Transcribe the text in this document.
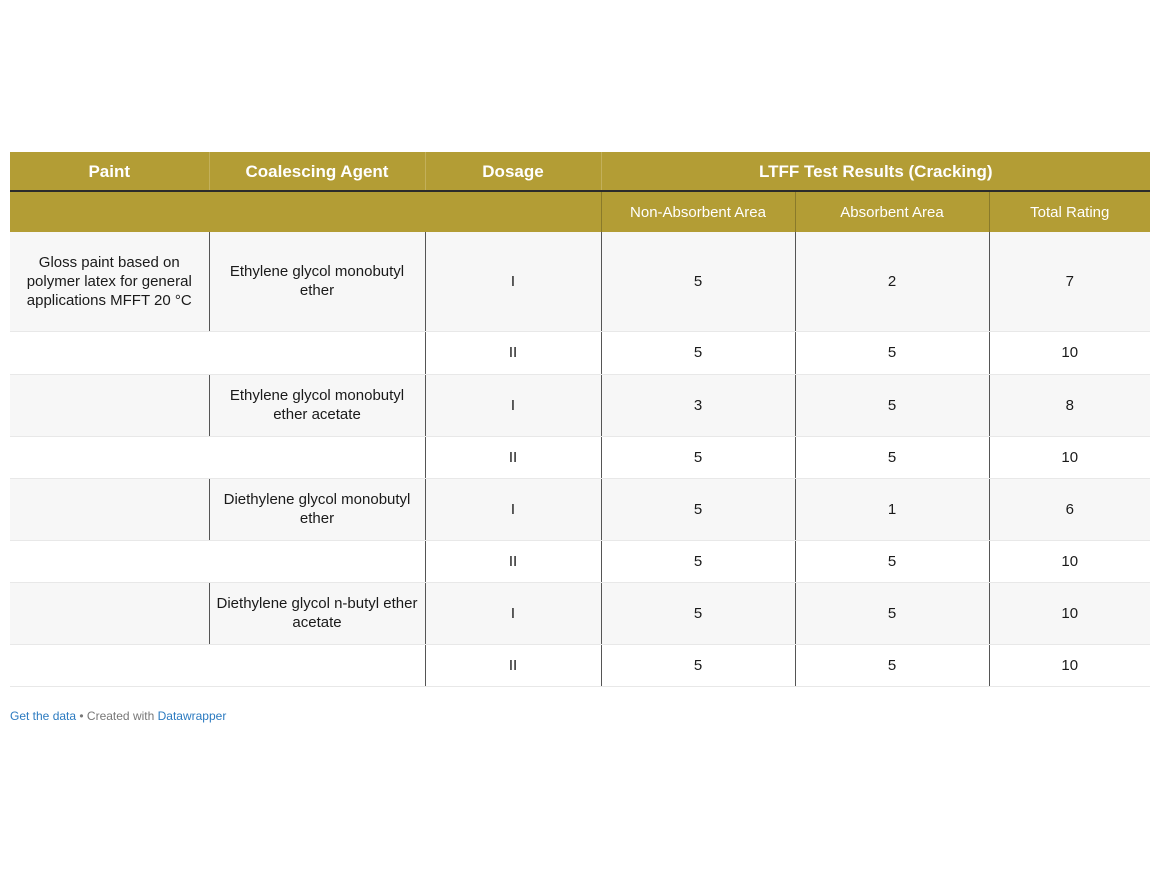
Paint	Coalescing Agent	Dosage	LTFF Test Results (Cracking)		
			Non-Absorbent Area	Absorbent Area	Total Rating
Gloss paint based on polymer latex for general applications MFFT 20 °C	Ethylene glycol monobutyl ether	I	5	2	7
		II	5	5	10
	Ethylene glycol monobutyl ether acetate	I	3	5	8
		II	5	5	10
	Diethylene glycol monobutyl ether	I	5	1	6
		II	5	5	10
	Diethylene glycol n-butyl ether acetate	I	5	5	10
		II	5	5	10
Get the data • Created with Datawrapper
